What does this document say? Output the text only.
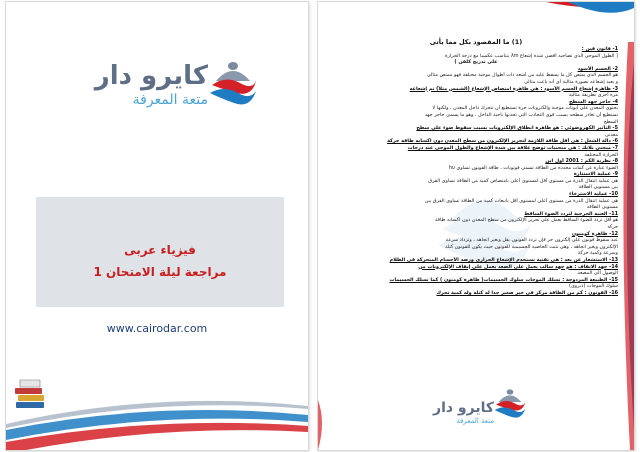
كايرو دار
متعة المعرفة
فيزياء عربى
مراجعة ليلة الامتحان 1
www.cairodar.com
(1) ما المقصود بكل مما يأتى
1- فاتون فين :
( الطول الموجى الذى تصاحبه أقصى شدة إشعاع λm يتناسب عكسيا مع درجة الحرارة
على تدريج كلفن )
2- الجسم الأسود
هو الجسم الذى يمتص كل ما يسقط عليه من أشعة ذات أطوال موجية مختلفة فهو ممتص مثالى
و يعيد إشعاعه بصورة مثالية أى أنه باعث مثالى
3- ظاهرة إشعاع الجسم الأسود : هى ظاهرة امتصاص الإشعاع (الشمس مثلاً) ثم إشعاعه
مرة أخرى بطريقة مثالية
4- حاجز جهد السطح
يحتوى المعدن على أيونات موجبة والكترونات حرة تستطيع أن تتحرك داخل المعدن ، ولكنها لا
تستطيع أن تغادر سطحه بسبب قوى التجاذب التى تجذبها ناحية الداخل ، وهو ما يسمى حاجز جهد
السطح
5- التأثير الكهروضوئى : هو ظاهرة انطلاق الإلكترونات بسبب سقوط ضوء على سطح
معدنى
6- دالة الشغل : هى أقل طاقة اللازمة لتحرير الإلكترون من سطح المعدن دون اكسابه طاقة حركة
7- منحنى بلانك : هى منحنيات توضح علاقة بين شدة الإشعاع والطول الموجى عند درجات
الحرارة المختلفة
8- نظرية الكم : 2001 أول آين
الضوء عبارة عن كمات محددة من الطاقة تسمى فوتونات ، طاقة الفوتون تساوى hυ
9- عملية الاستثارة
هى عملية انتقال الذرة من مستوى أقل لمستوى أعلى بامتصاص كمية من الطاقة تساوى الفرق
بين مستويى الطاقة
10- عملية الاسترخاء
هى عملية انتقال الذرة من مستوى أعلى لمستوى أقل بانبعاث كمية من الطاقة تساوى الفرق بين
مستويى الطاقة
11- العتبة الحرجية لتردد الضوء الساقط
هو أقل تردد للضوء الساقط يعمل على تحرير الإلكترون من سطح المعدن دون اكسابه طاقة
حركة
12- ظاهرة كومتون
عند سقوط فوتون على إلكترون حر فإن تردد الفوتون يقل ويغير اتجاهه ، وتزداد سرعة
الإلكترون ويغير اتجاهه ، وهى تثبت الخاصية الجسيمية للفوتون حيث يكون للفوتون كتلة
وسرعة وكمية حركة
13- الاستشعار عن بعد : هى تقنية تستخدم الإشعاع الحرارى ورصد الأجسام المتحركة فى الظلام
14- جهد الايقاف : هو جهد سالب يعمل على الصعد يعمل على إيقاف الإلكترونات من
الوصول الى المصعد
15- الطبيعة المزدوجة : تسلك الموجات سلوك الجسيمات( ظاهرة كومتون ) كما تسلك الجسيمات
سلوك الموجات (دبروى)
16- الفوتون : كم من الطاقة مركز فى حيز صغير جدا له كتلة وله كمية تحرك
كايرو دار
متعة المعرفة
